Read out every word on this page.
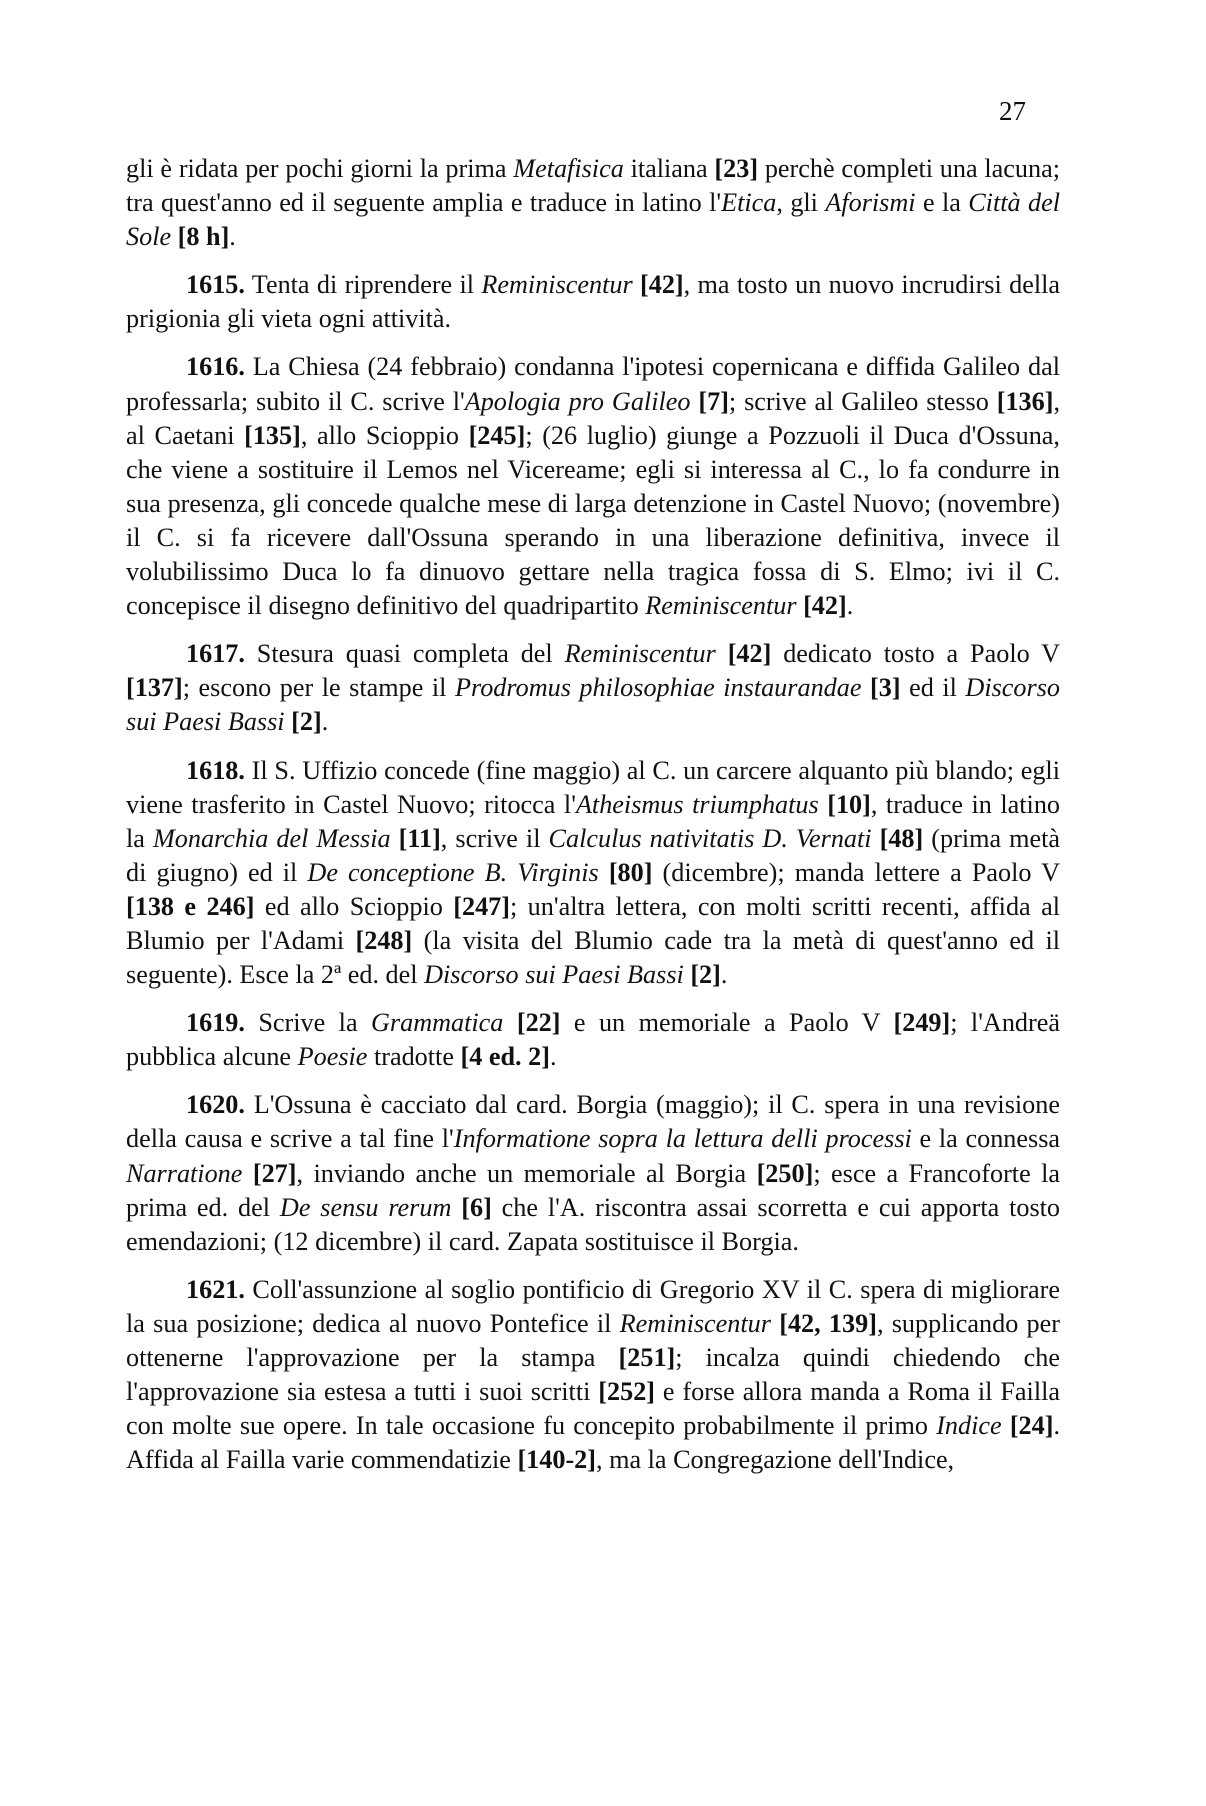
27

gli è ridata per pochi giorni la prima Metafisica italiana [23] perchè completi una lacuna; tra quest'anno ed il seguente amplia e traduce in latino l'Etica, gli Aforismi e la Città del Sole [8 h].

1615. Tenta di riprendere il Reminiscentur [42], ma tosto un nuovo incrudirsi della prigionia gli vieta ogni attività.

1616. La Chiesa (24 febbraio) condanna l'ipotesi copernicana e diffida Galileo dal professarla; subito il C. scrive l'Apologia pro Galileo [7]; scrive al Galileo stesso [136], al Caetani [135], allo Scioppio [245]; (26 luglio) giunge a Pozzuoli il Duca d'Ossuna, che viene a sostituire il Lemos nel Vicereame; egli si interessa al C., lo fa condurre in sua presenza, gli concede qualche mese di larga detenzione in Castel Nuovo; (novembre) il C. si fa ricevere dall'Ossuna sperando in una liberazione definitiva, invece il volubilissimo Duca lo fa dinuovo gettare nella tragica fossa di S. Elmo; ivi il C. concepisce il disegno definitivo del quadripartito Reminiscentur [42].

1617. Stesura quasi completa del Reminiscentur [42] dedicato tosto a Paolo V [137]; escono per le stampe il Prodromus philosophiae instaurandae [3] ed il Discorso sui Paesi Bassi [2].

1618. Il S. Uffizio concede (fine maggio) al C. un carcere alquanto più blando; egli viene trasferito in Castel Nuovo; ritocca l'Atheismus triumphatus [10], traduce in latino la Monarchia del Messia [11], scrive il Calculus nativitatis D. Vernati [48] (prima metà di giugno) ed il De conceptione B. Virginis [80] (dicembre); manda lettere a Paolo V [138 e 246] ed allo Scioppio [247]; un'altra lettera, con molti scritti recenti, affida al Blumio per l'Adami [248] (la visita del Blumio cade tra la metà di quest'anno ed il seguente). Esce la 2ª ed. del Discorso sui Paesi Bassi [2].

1619. Scrive la Grammatica [22] e un memoriale a Paolo V [249]; l'Andreä pubblica alcune Poesie tradotte [4 ed. 2].

1620. L'Ossuna è cacciato dal card. Borgia (maggio); il C. spera in una revisione della causa e scrive a tal fine l'Informatione sopra la lettura delli processi e la connessa Narratione [27], inviando anche un memoriale al Borgia [250]; esce a Francoforte la prima ed. del De sensu rerum [6] che l'A. riscontra assai scorretta e cui apporta tosto emendazioni; (12 dicembre) il card. Zapata sostituisce il Borgia.

1621. Coll'assunzione al soglio pontificio di Gregorio XV il C. spera di migliorare la sua posizione; dedica al nuovo Pontefice il Reminiscentur [42, 139], supplicando per ottenerne l'approvazione per la stampa [251]; incalza quindi chiedendo che l'approvazione sia estesa a tutti i suoi scritti [252] e forse allora manda a Roma il Failla con molte sue opere. In tale occasione fu concepito probabilmente il primo Indice [24]. Affida al Failla varie commendatizie [140-2], ma la Congregazione dell'Indice,
